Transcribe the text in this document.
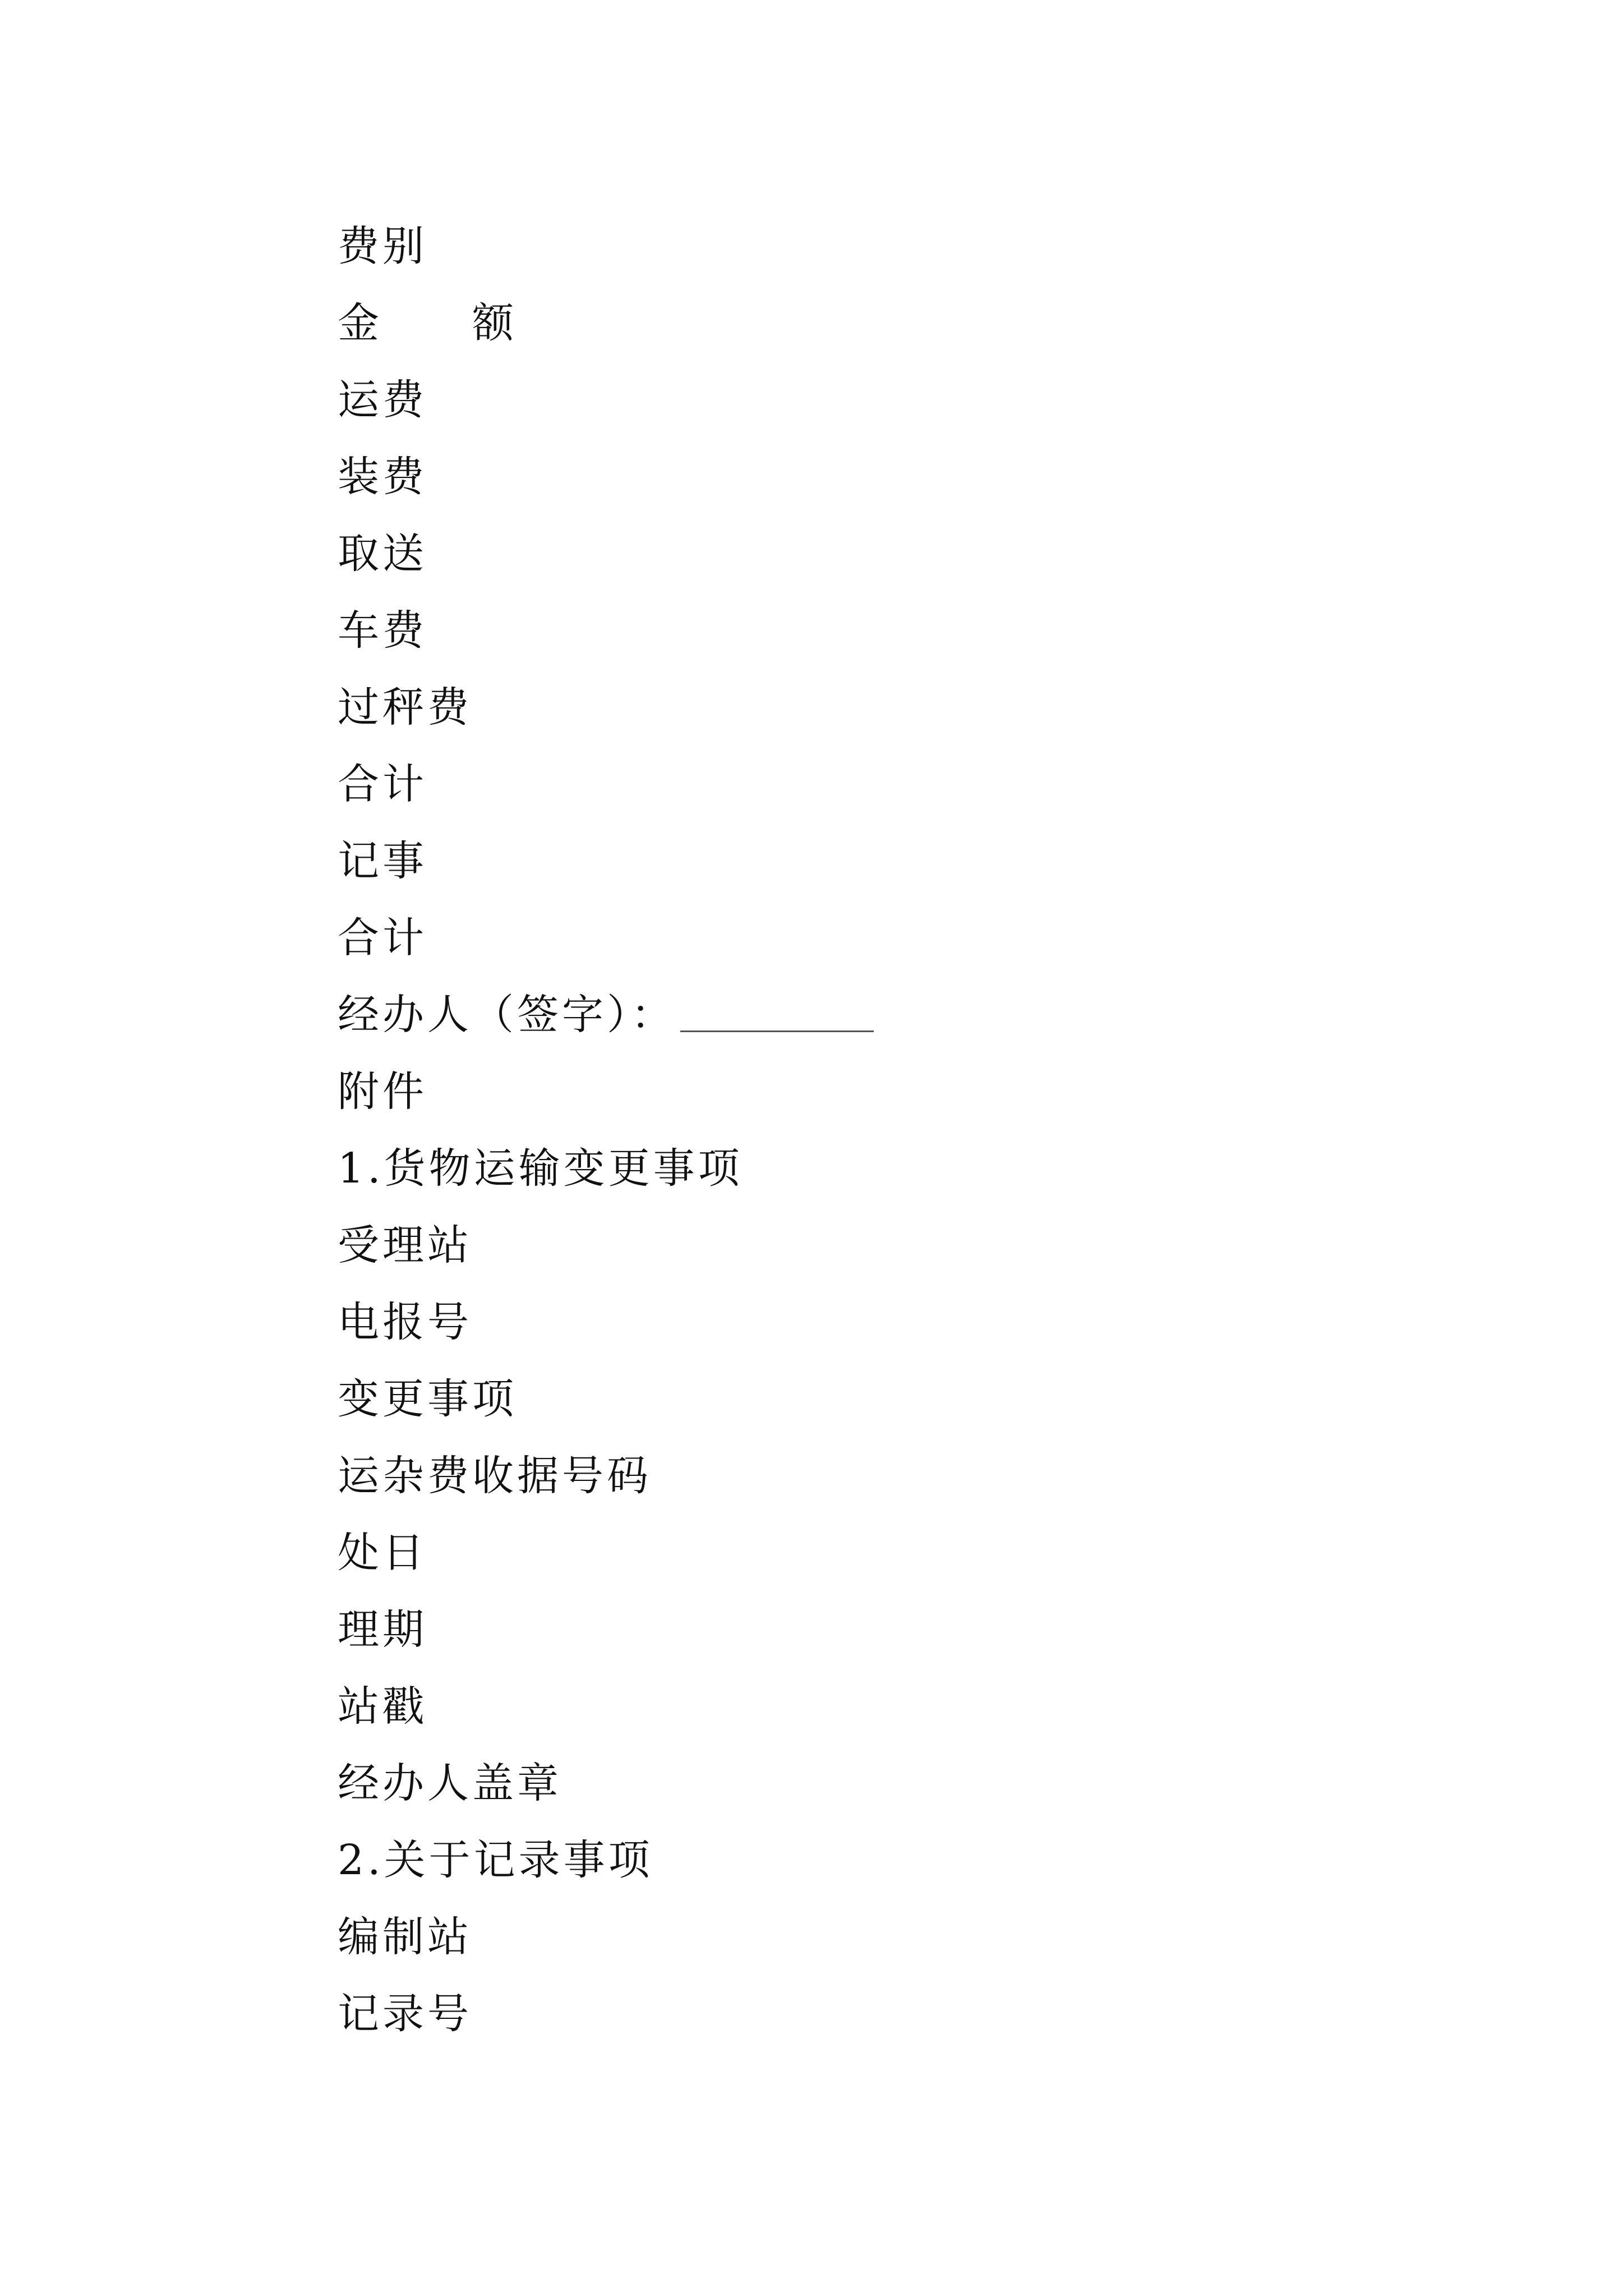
费别
金 额
运费
装费
取送
车费
过秤费
合计
记事
合计
经办人（签字）：
附件
1.货物运输变更事项
受理站
电报号
变更事项
运杂费收据号码
处日
理期
站戳
经办人盖章
2.关于记录事项
编制站
记录号
